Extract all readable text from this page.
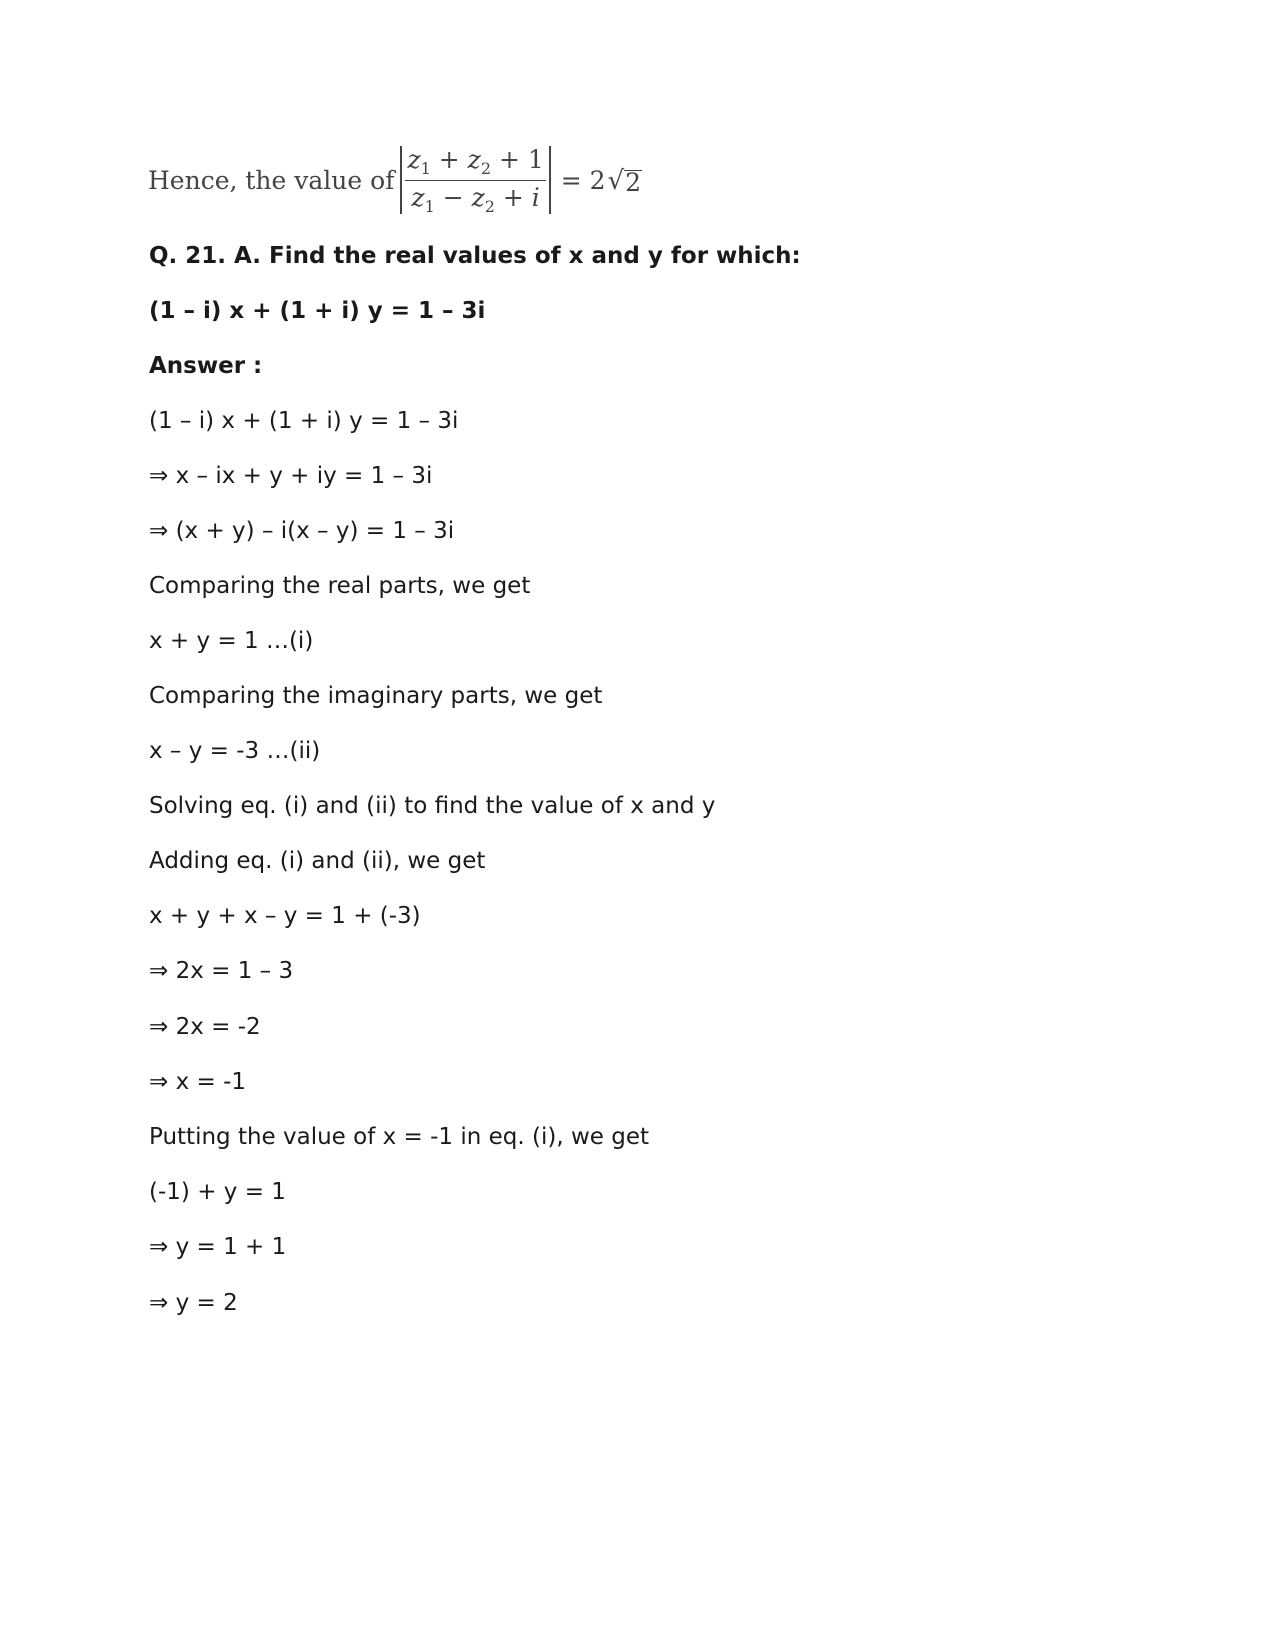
Hence, the value of $\frac{z_1 + z_2 + 1}{z_1 - z_2 + i} = 2$ √ 2

Q. 21. A. Find the real values of x and y for which:

(1 – i) x + (1 + i) y = 1 – 3i

Answer :

(1 – i) x + (1 + i) y = 1 – 3i

⇒ x – ix + y + iy = 1 – 3i

⇒ (x + y) – i(x – y) = 1 – 3i

Comparing the real parts, we get

x + y = 1 …(i)

Comparing the imaginary parts, we get

x – y = -3 …(ii)

Solving eq. (i) and (ii) to find the value of x and y

Adding eq. (i) and (ii), we get

x + y + x – y = 1 + (-3)

⇒ 2x = 1 – 3

⇒ 2x = -2

⇒ x = -1

Putting the value of x = -1 in eq. (i), we get

(-1) + y = 1

⇒ y = 1 + 1

⇒ y = 2
